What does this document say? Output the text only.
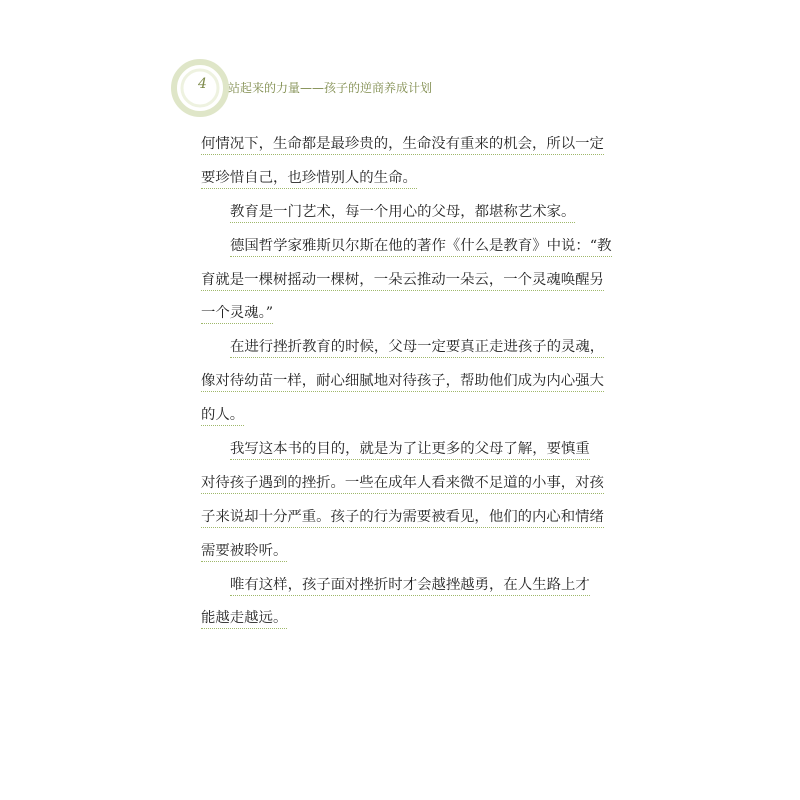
4 站起来的力量——孩子的逆商养成计划
何情况下，生命都是最珍贵的，生命没有重来的机会，所以一定
要珍惜自己，也珍惜别人的生命。
教育是一门艺术，每一个用心的父母，都堪称艺术家。
德国哲学家雅斯贝尔斯在他的著作《什么是教育》中说：“教
育就是一棵树摇动一棵树，一朵云推动一朵云，一个灵魂唤醒另
一个灵魂。”
在进行挫折教育的时候，父母一定要真正走进孩子的灵魂，
像对待幼苗一样，耐心细腻地对待孩子，帮助他们成为内心强大
的人。
我写这本书的目的，就是为了让更多的父母了解，要慎重
对待孩子遇到的挫折。一些在成年人看来微不足道的小事，对孩
子来说却十分严重。孩子的行为需要被看见，他们的内心和情绪
需要被聆听。
唯有这样，孩子面对挫折时才会越挫越勇，在人生路上才
能越走越远。
